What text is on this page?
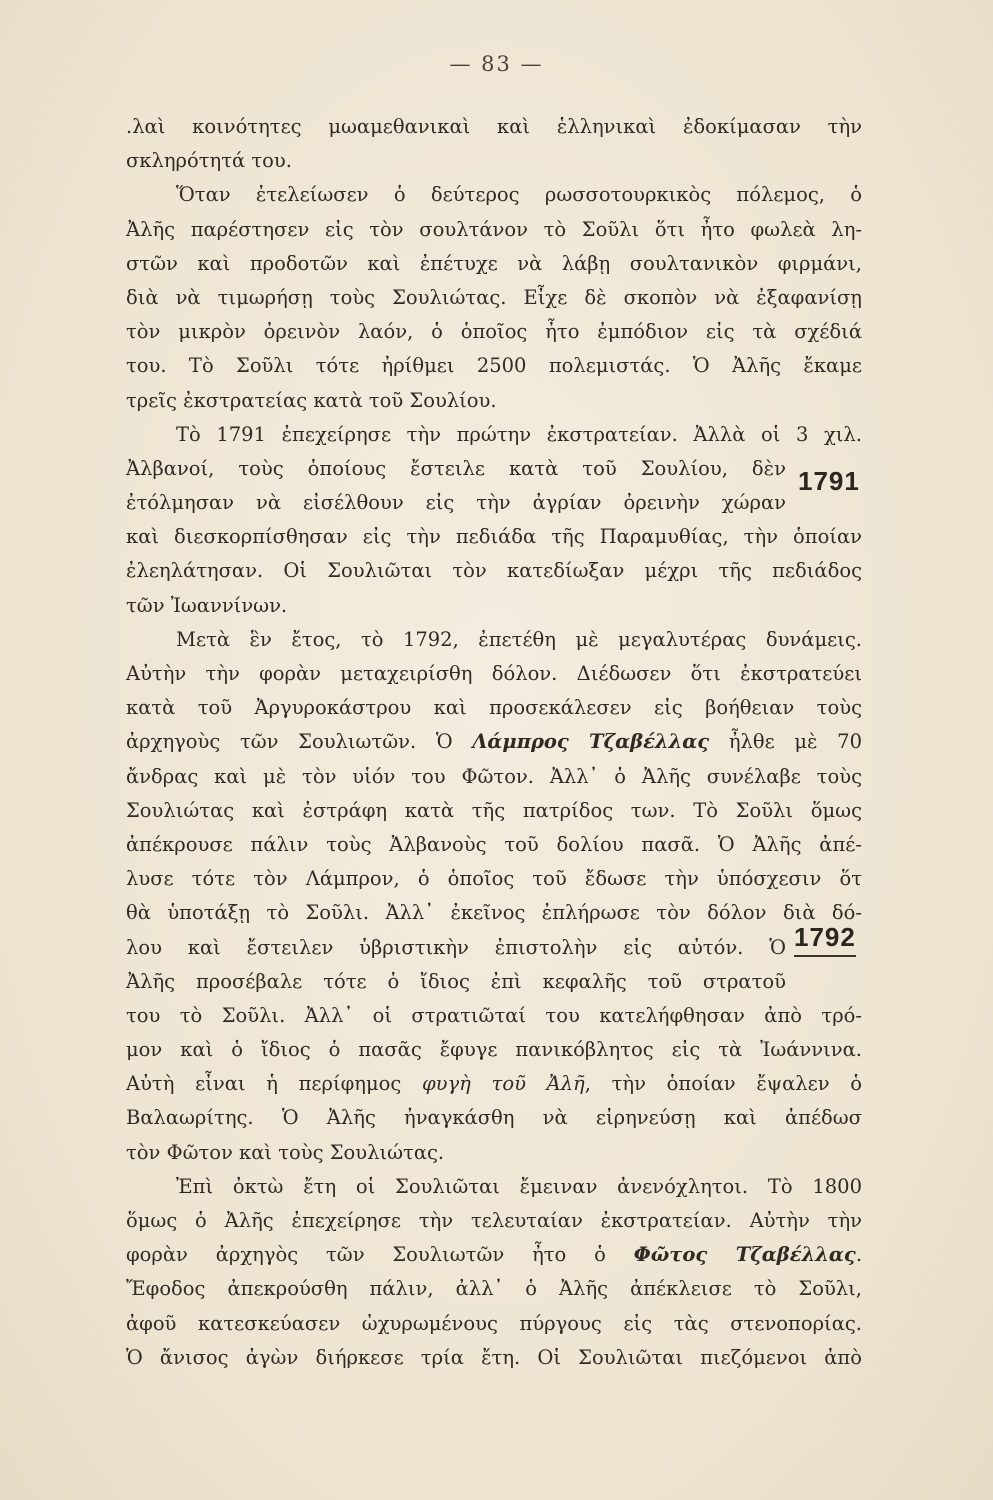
— 83 —
.λαὶ κοινότητες μωαμεθανικαὶ καὶ ἑλληνικαὶ ἐδοκίμασαν τὴν
σκληρότητά του.
Ὅταν ἐτελείωσεν ὁ δεύτερος ρωσσοτουρκικὸς πόλεμος, ὁ
Ἀλῆς παρέστησεν εἰς τὸν σουλτάνον τὸ Σοῦλι ὅτι ἦτο φωλεὰ λη-
στῶν καὶ προδοτῶν καὶ ἐπέτυχε νὰ λάβῃ σουλτανικὸν φιρμάνι,
διὰ νὰ τιμωρήσῃ τοὺς Σουλιώτας. Εἶχε δὲ σκοπὸν νὰ ἐξαφανίσῃ
τὸν μικρὸν ὀρεινὸν λαόν, ὁ ὁποῖος ἦτο ἐμπόδιον εἰς τὰ σχέδιά
του. Τὸ Σοῦλι τότε ἠρίθμει 2500 πολεμιστάς. Ὁ Ἀλῆς ἔκαμε
τρεῖς ἐκστρατείας κατὰ τοῦ Σουλίου.
Τὸ 1791 ἐπεχείρησε τὴν πρώτην ἐκστρατείαν. Ἀλλὰ οἱ 3 χιλ.
Ἀλβανοί, τοὺς ὁποίους ἔστειλε κατὰ τοῦ Σουλίου, δὲν
ἐτόλμησαν νὰ εἰσέλθουν εἰς τὴν ἀγρίαν ὀρεινὴν χώραν
καὶ διεσκορπίσθησαν εἰς τὴν πεδιάδα τῆς Παραμυθίας, τὴν ὁποίαν
ἐλεηλάτησαν. Οἱ Σουλιῶται τὸν κατεδίωξαν μέχρι τῆς πεδιάδος
τῶν Ἰωαννίνων.
Μετὰ ἓν ἔτος, τὸ 1792, ἐπετέθη μὲ μεγαλυτέρας δυνάμεις.
Αὐτὴν τὴν φορὰν μεταχειρίσθη δόλον. Διέδωσεν ὅτι ἐκστρατεύει
κατὰ τοῦ Ἀργυροκάστρου καὶ προσεκάλεσεν εἰς βοήθειαν τοὺς
ἀρχηγοὺς τῶν Σουλιωτῶν. Ὁ Λάμπρος Τζαβέλλας ἦλθε μὲ 70
ἄνδρας καὶ μὲ τὸν υἱόν του Φῶτον. Ἀλλ᾿ ὁ Ἀλῆς συνέλαβε τοὺς
Σουλιώτας καὶ ἐστράφη κατὰ τῆς πατρίδος των. Τὸ Σοῦλι ὅμως
ἀπέκρουσε πάλιν τοὺς Ἀλβανοὺς τοῦ δολίου πασᾶ. Ὁ Ἀλῆς ἀπέ-
λυσε τότε τὸν Λάμπρον, ὁ ὁποῖος τοῦ ἔδωσε τὴν ὑπόσχεσιν ὅτ
θὰ ὑποτάξῃ τὸ Σοῦλι. Ἀλλ᾿ ἐκεῖνος ἐπλήρωσε τὸν δόλον διὰ δό-
λου καὶ ἔστειλεν ὑβριστικὴν ἐπιστολὴν εἰς αὐτόν. Ὁ
Ἀλῆς προσέβαλε τότε ὁ ἴδιος ἐπὶ κεφαλῆς τοῦ στρατοῦ
του τὸ Σοῦλι. Ἀλλ᾿ οἱ στρατιῶταί του κατελήφθησαν ἀπὸ τρό-
μον καὶ ὁ ἴδιος ὁ πασᾶς ἔφυγε πανικόβλητος εἰς τὰ Ἰωάννινα.
Αὐτὴ εἶναι ἡ περίφημος φυγὴ τοῦ Ἀλῆ, τὴν ὁποίαν ἔψαλεν ὁ
Βαλαωρίτης. Ὁ Ἀλῆς ἠναγκάσθη νὰ εἰρηνεύσῃ καὶ ἀπέδωσ
τὸν Φῶτον καὶ τοὺς Σουλιώτας.
Ἐπὶ ὀκτὼ ἔτη οἱ Σουλιῶται ἔμειναν ἀνενόχλητοι. Τὸ 1800
ὅμως ὁ Ἀλῆς ἐπεχείρησε τὴν τελευταίαν ἐκστρατείαν. Αὐτὴν τὴν
φορὰν ἀρχηγὸς τῶν Σουλιωτῶν ἦτο ὁ Φῶτος Τζαβέλλας.
Ἔφοδος ἀπεκρούσθη πάλιν, ἀλλ᾿ ὁ Ἀλῆς ἀπέκλεισε τὸ Σοῦλι,
ἀφοῦ κατεσκεύασεν ὠχυρωμένους πύργους εἰς τὰς στενοπορίας.
Ὁ ἄνισος ἀγὼν διήρκεσε τρία ἔτη. Οἱ Σουλιῶται πιεζόμενοι ἀπὸ
1791
1792
